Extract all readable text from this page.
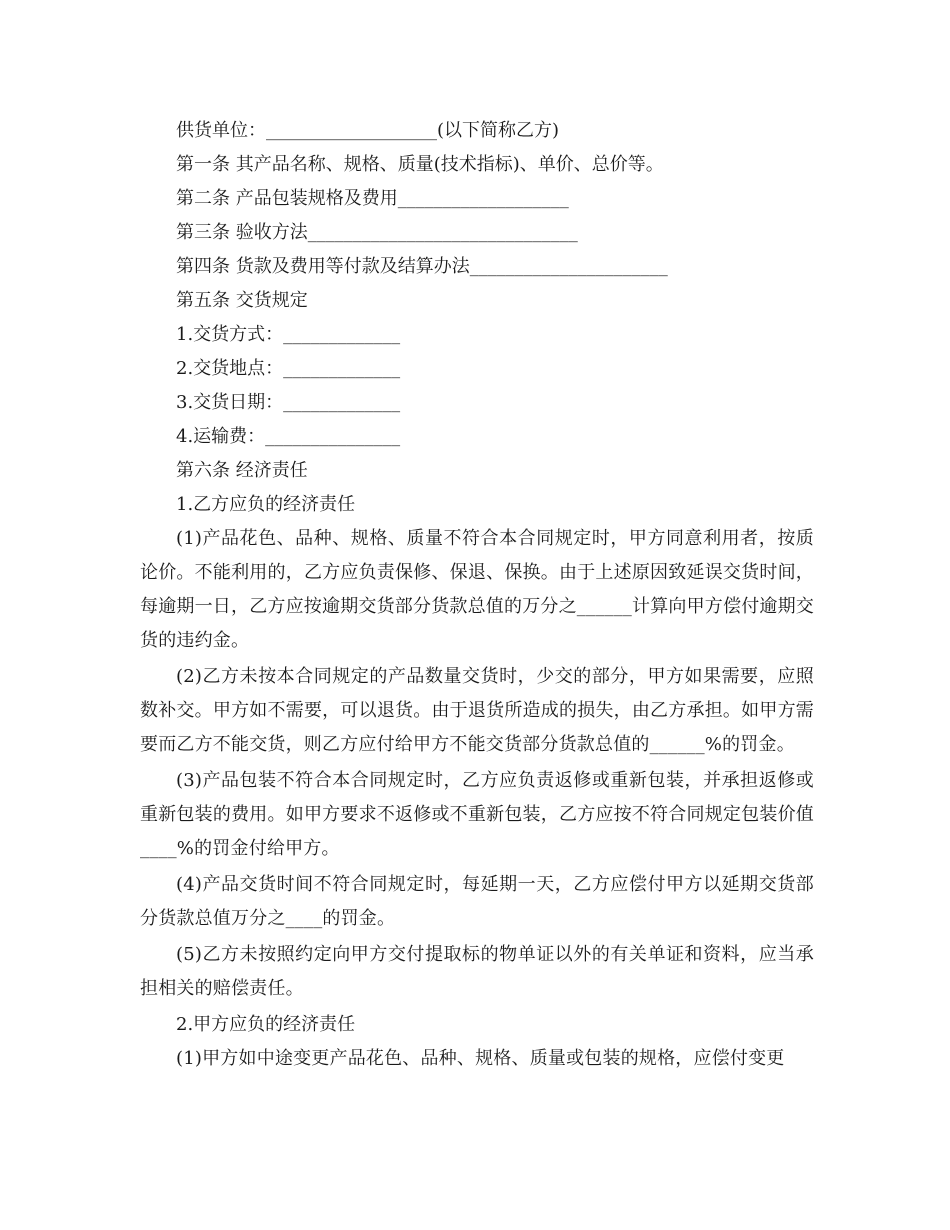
供货单位：___________________(以下简称乙方)

第一条 其产品名称、规格、质量(技术指标)、单价、总价等。

第二条 产品包装规格及费用___________________

第三条 验收方法______________________________

第四条 货款及费用等付款及结算办法______________________

第五条 交货规定

1.交货方式：_____________

2.交货地点：_____________

3.交货日期：_____________

4.运输费：_______________

第六条 经济责任

1.乙方应负的经济责任

(1)产品花色、品种、规格、质量不符合本合同规定时，甲方同意利用者，按质论价。不能利用的，乙方应负责保修、保退、保换。由于上述原因致延误交货时间，每逾期一日，乙方应按逾期交货部分货款总值的万分之______计算向甲方偿付逾期交货的违约金。

(2)乙方未按本合同规定的产品数量交货时，少交的部分，甲方如果需要，应照数补交。甲方如不需要，可以退货。由于退货所造成的损失，由乙方承担。如甲方需要而乙方不能交货，则乙方应付给甲方不能交货部分货款总值的______%的罚金。

(3)产品包装不符合本合同规定时，乙方应负责返修或重新包装，并承担返修或重新包装的费用。如甲方要求不返修或不重新包装，乙方应按不符合同规定包装价值____%的罚金付给甲方。

(4)产品交货时间不符合同规定时，每延期一天，乙方应偿付甲方以延期交货部分货款总值万分之____的罚金。

(5)乙方未按照约定向甲方交付提取标的物单证以外的有关单证和资料，应当承担相关的赔偿责任。

2.甲方应负的经济责任

(1)甲方如中途变更产品花色、品种、规格、质量或包装的规格，应偿付变更
